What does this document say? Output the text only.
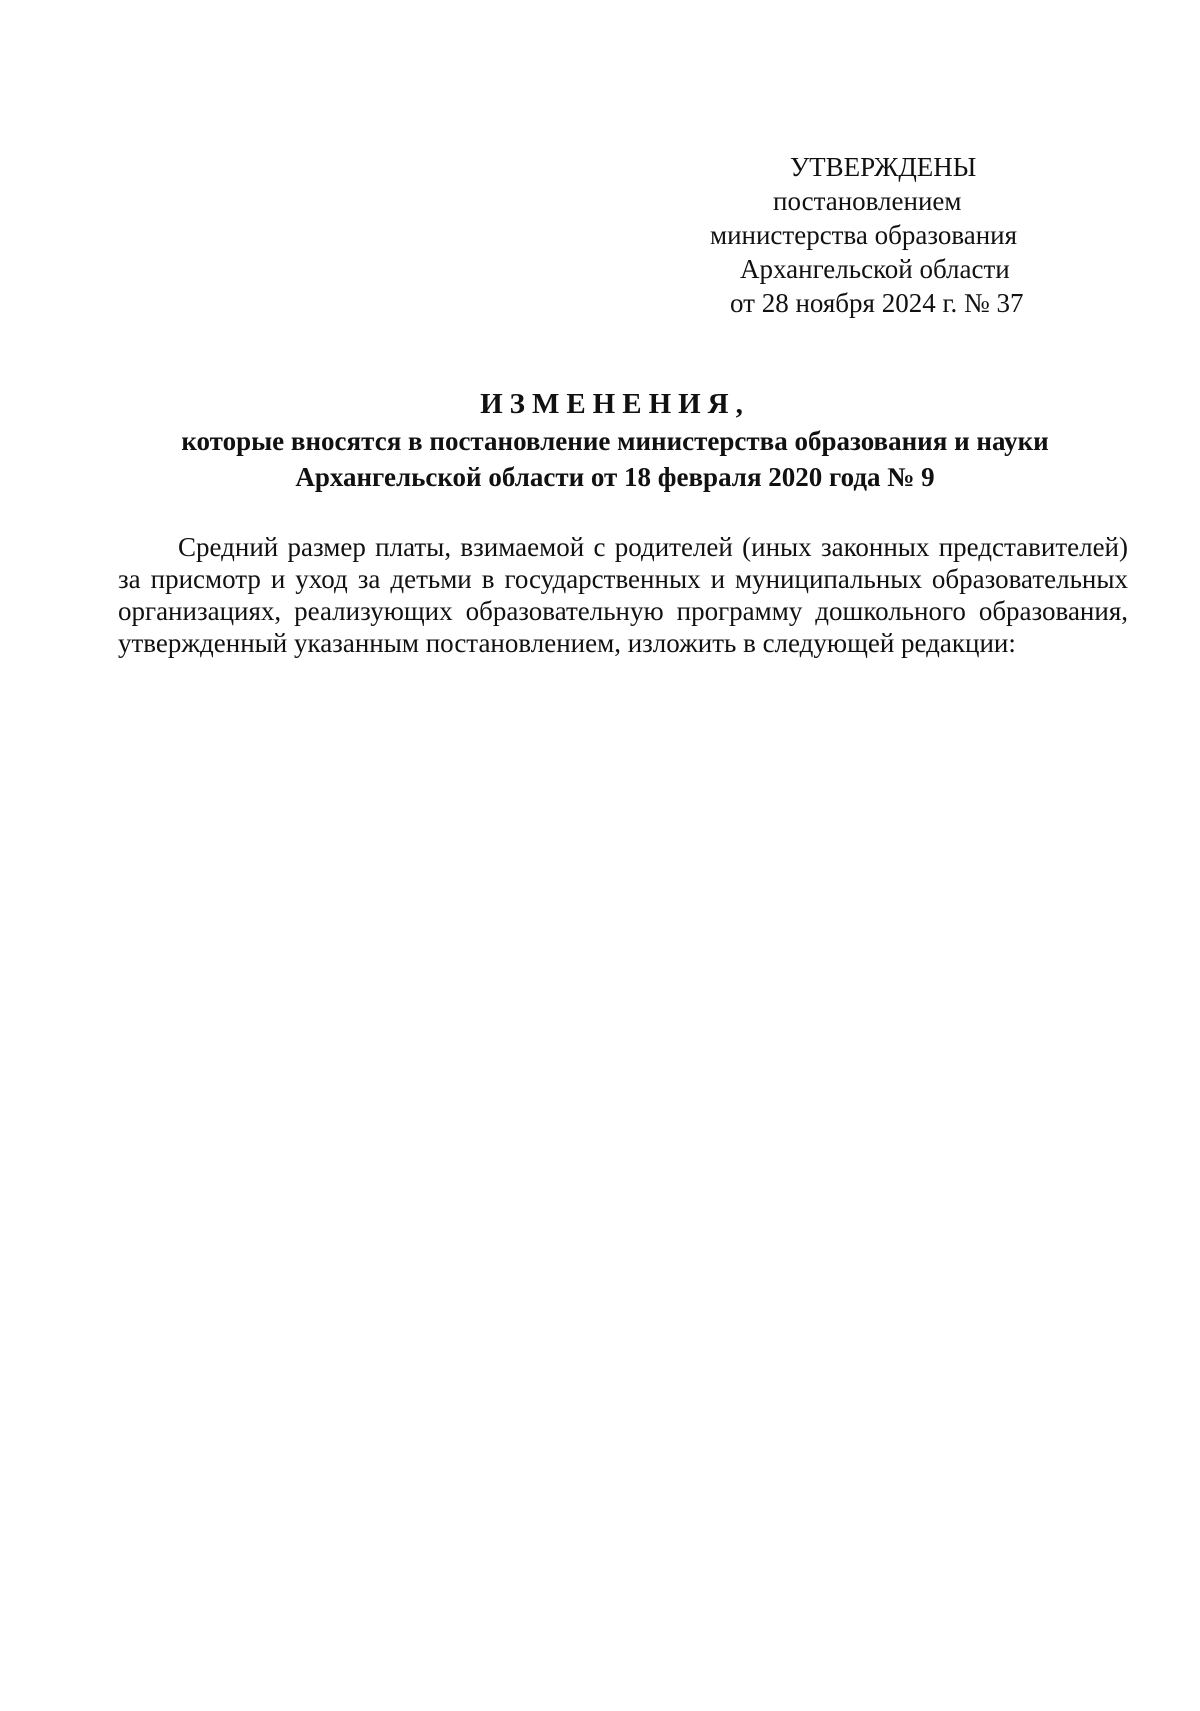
УТВЕРЖДЕНЫ
постановлением
министерства образования
Архангельской области
от 28 ноября 2024 г. № 37
ИЗМЕНЕНИЯ,
которые вносятся в постановление министерства образования и науки
Архангельской области от 18 февраля 2020 года № 9

Средний размер платы, взимаемой с родителей (иных законных представителей) за присмотр и уход за детьми в государственных и муниципальных образовательных организациях, реализующих образовательную программу дошкольного образования, утвержденный указанным постановлением, изложить в следующей редакции:
